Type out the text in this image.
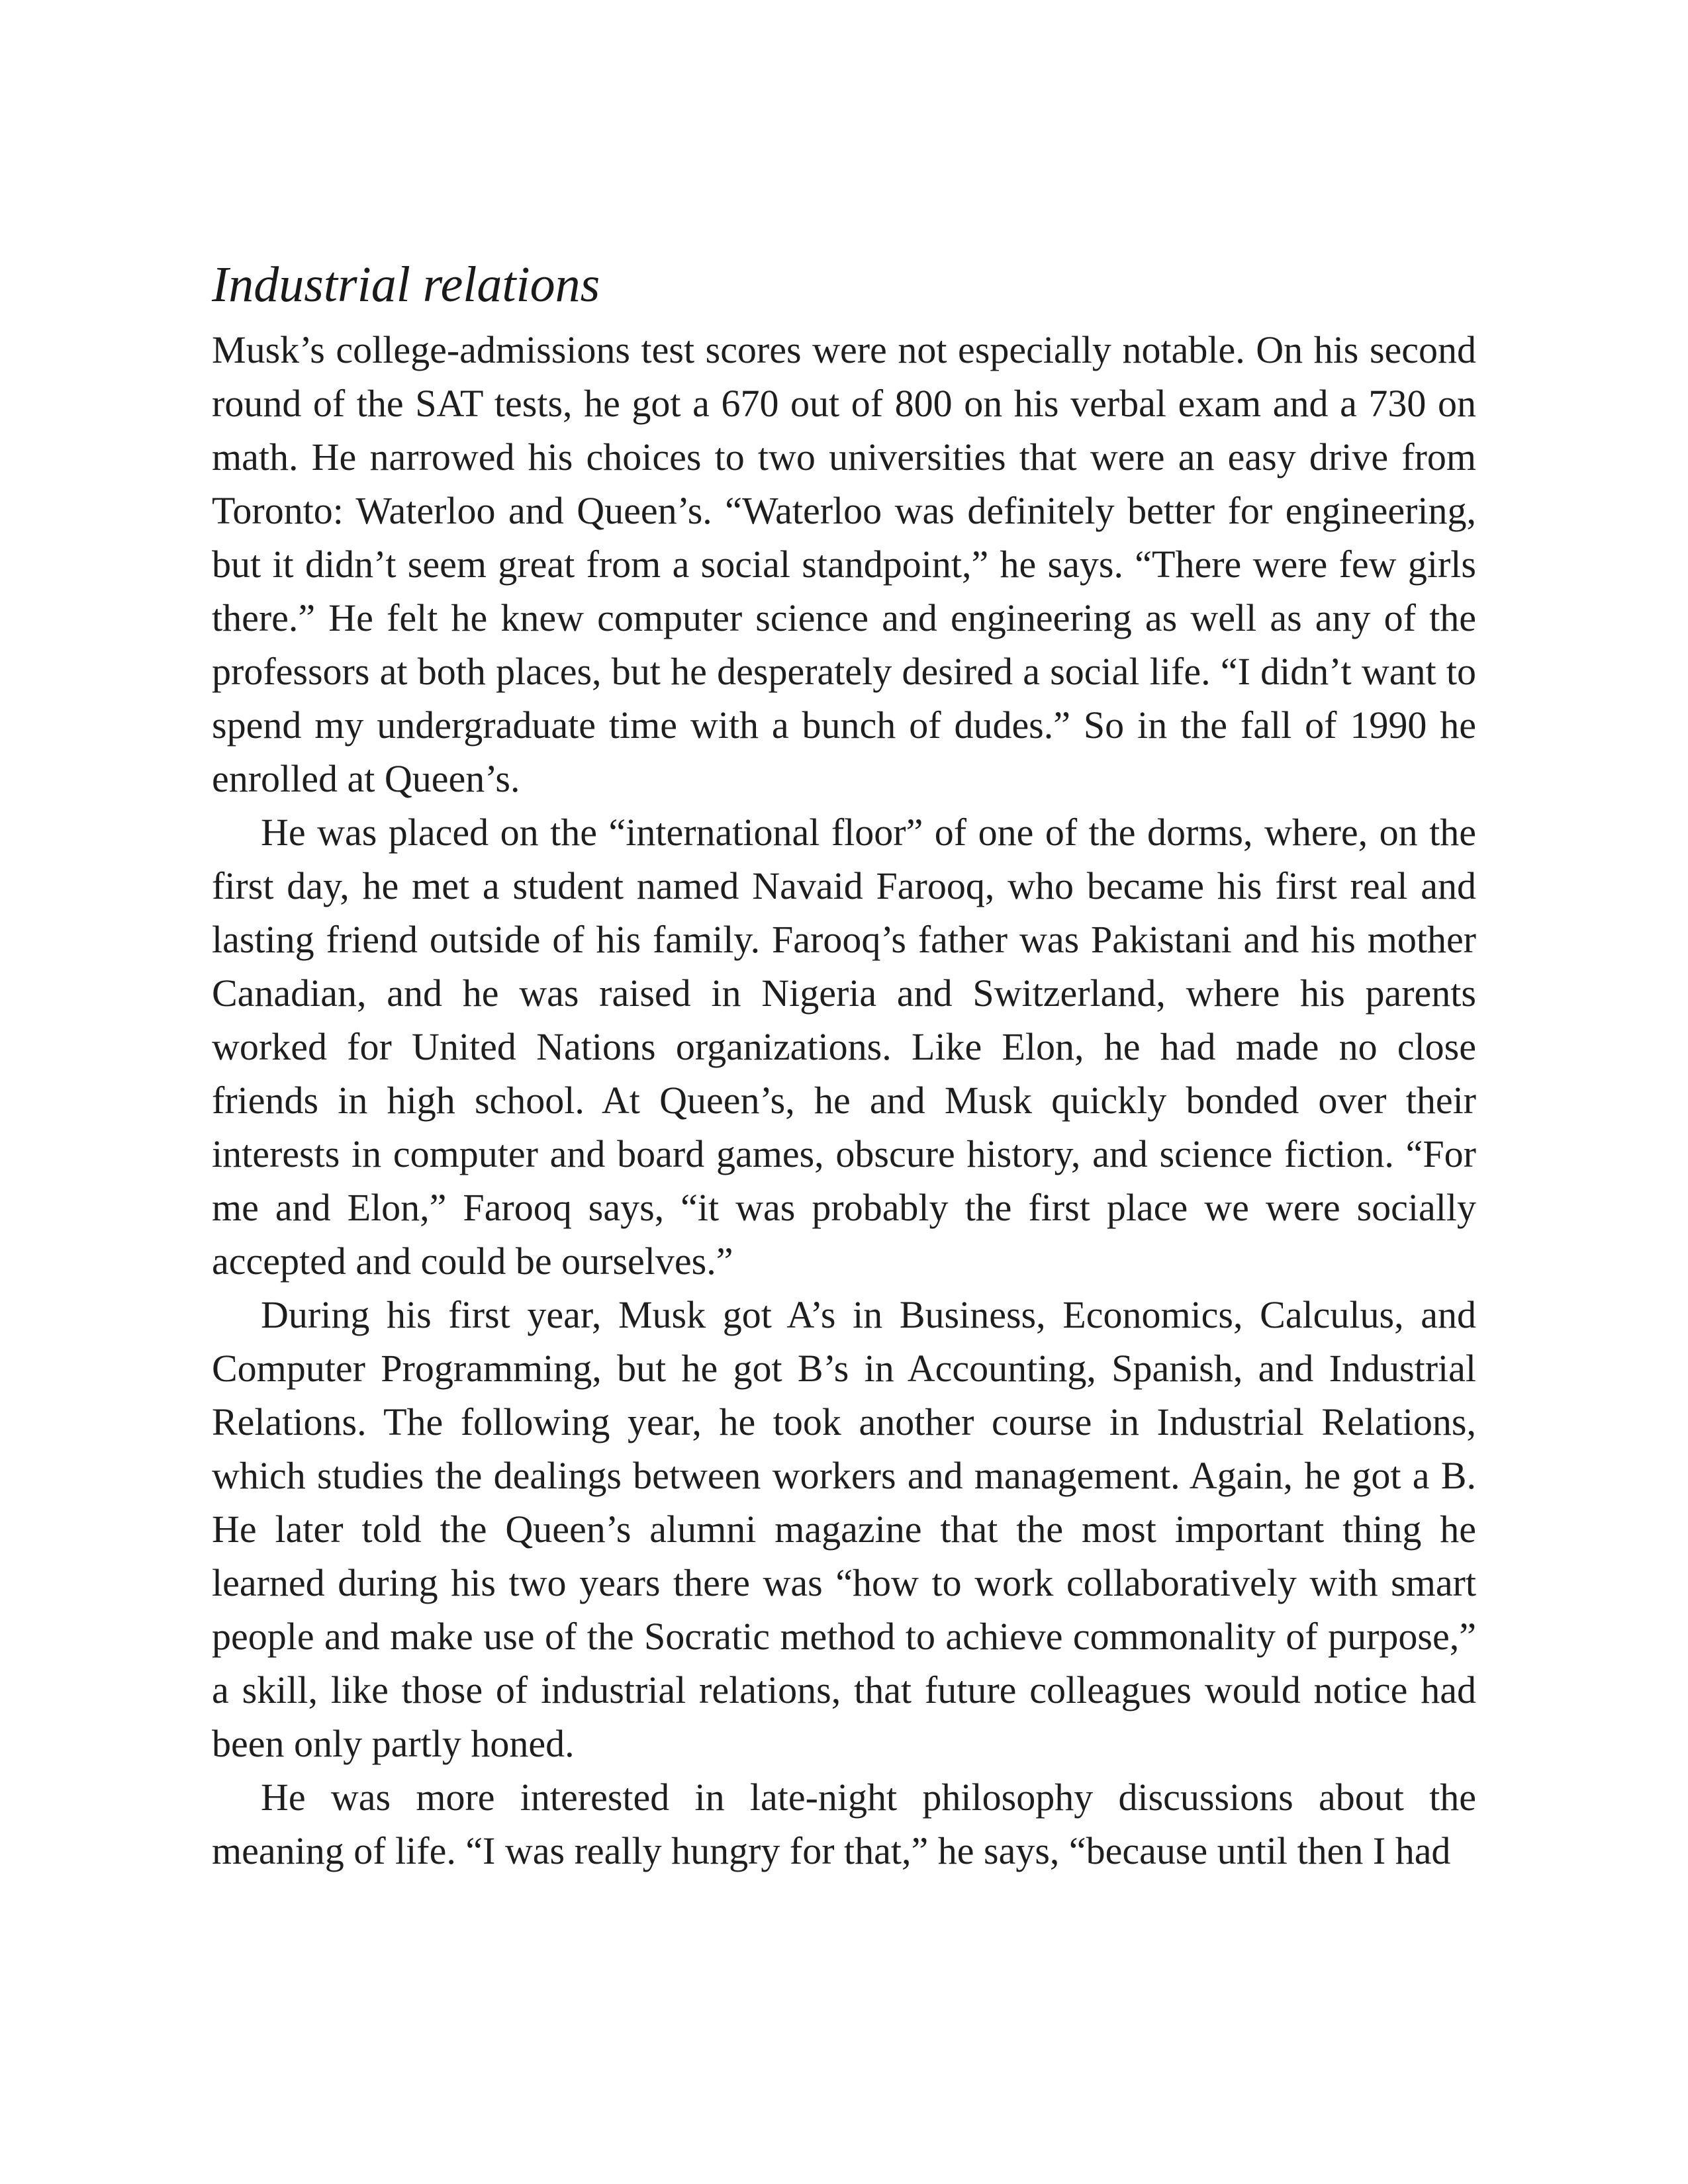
Industrial relations

Musk’s college-admissions test scores were not especially notable. On his second round of the SAT tests, he got a 670 out of 800 on his verbal exam and a 730 on math. He narrowed his choices to two universities that were an easy drive from Toronto: Waterloo and Queen’s. “Waterloo was definitely better for engineering, but it didn’t seem great from a social standpoint,” he says. “There were few girls there.” He felt he knew computer science and engineering as well as any of the professors at both places, but he desperately desired a social life. “I didn’t want to spend my undergraduate time with a bunch of dudes.” So in the fall of 1990 he enrolled at Queen’s.

He was placed on the “international floor” of one of the dorms, where, on the first day, he met a student named Navaid Farooq, who became his first real and lasting friend outside of his family. Farooq’s father was Pakistani and his mother Canadian, and he was raised in Nigeria and Switzerland, where his parents worked for United Nations organizations. Like Elon, he had made no close friends in high school. At Queen’s, he and Musk quickly bonded over their interests in computer and board games, obscure history, and science fiction. “For me and Elon,” Farooq says, “it was probably the first place we were socially accepted and could be ourselves.”

During his first year, Musk got A’s in Business, Economics, Calculus, and Computer Programming, but he got B’s in Accounting, Spanish, and Industrial Relations. The following year, he took another course in Industrial Relations, which studies the dealings between workers and management. Again, he got a B. He later told the Queen’s alumni magazine that the most important thing he learned during his two years there was “how to work collaboratively with smart people and make use of the Socratic method to achieve commonality of purpose,” a skill, like those of industrial relations, that future colleagues would notice had been only partly honed.

He was more interested in late-night philosophy discussions about the meaning of life. “I was really hungry for that,” he says, “because until then I had
